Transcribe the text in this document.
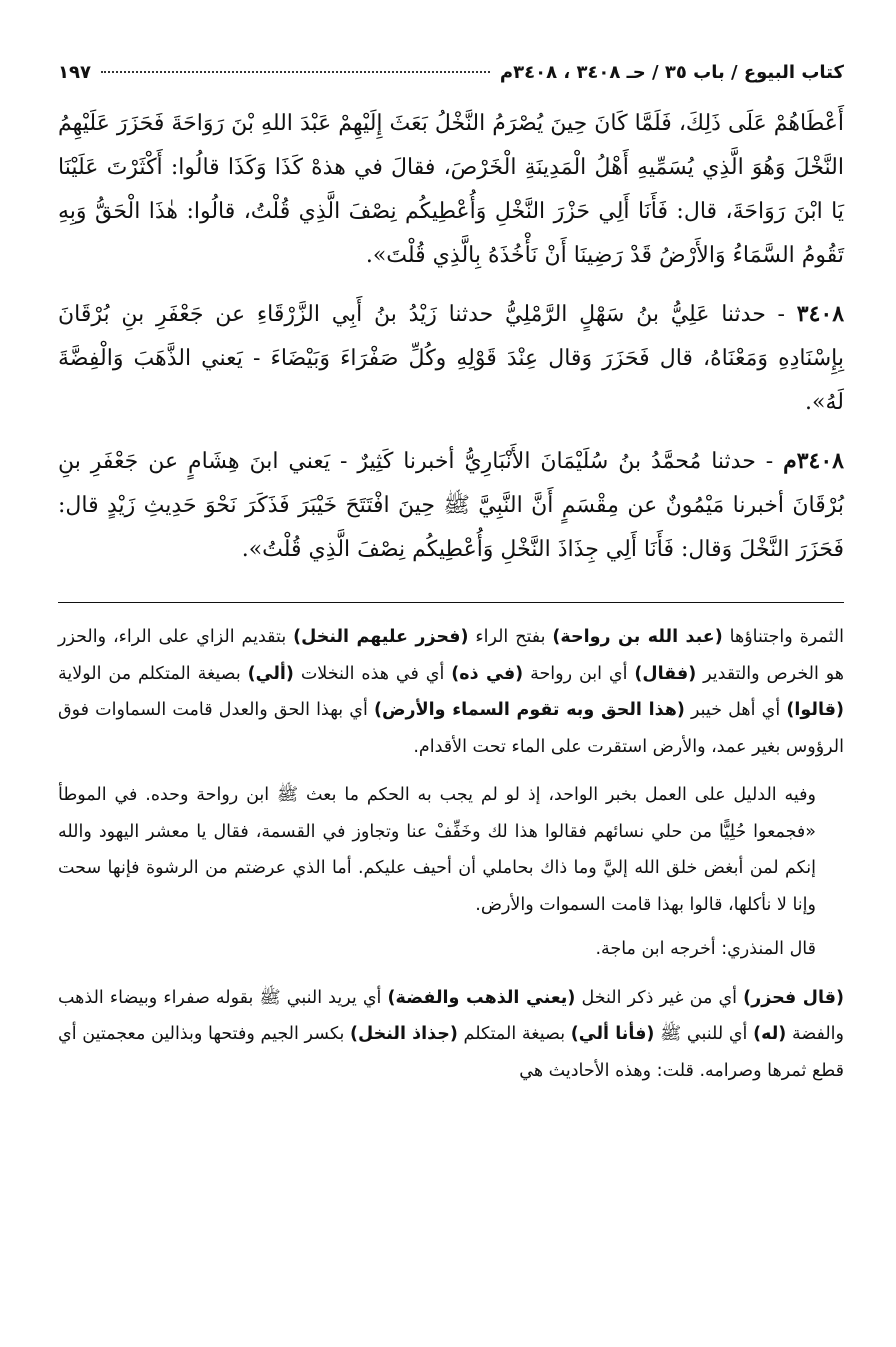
كتاب البيوع / باب ٣٥ / حـ ٣٤٠٨ ، ٣٤٠٨م
١٩٧
أَعْطَاهُمْ عَلَى ذَلِكَ، فَلَمَّا كَانَ حِينَ يُصْرَمُ النَّخْلُ بَعَثَ إِلَيْهِمْ عَبْدَ اللهِ بْنَ رَوَاحَةَ فَحَزَرَ عَلَيْهِمُ النَّخْلَ وَهُوَ الَّذِي يُسَمِّيهِ أَهْلُ الْمَدِينَةِ الْخَرْصَ، فقالَ في هذهْ كَذَا وَكَذَا قالُوا: أَكْثَرْتَ عَلَيْنَا يَا ابْنَ رَوَاحَةَ، قال: فَأَنَا أَلِي حَزْرَ النَّخْلِ وَأُعْطِيكُم نِصْفَ الَّذِي قُلْتُ، قالُوا: هٰذَا الْحَقُّ وَبِهِ تَقُومُ السَّمَاءُ وَالأَرْضُ قَدْ رَضِينَا أَنْ نَأْخُذَهُ بِالَّذِي قُلْتَ».
٣٤٠٨ - حدثنا عَلِيُّ بنُ سَهْلٍ الرَّمْلِيُّ حدثنا زَيْدُ بنُ أَبِي الزَّرْقَاءِ عن جَعْفَرِ بنِ بُرْقَانَ بِإِسْنَادِهِ وَمَعْنَاهُ، قال فَحَزَرَ وَقال عِنْدَ قَوْلِهِ وكُلِّ صَفْرَاءَ وَبَيْضَاءَ - يَعني الذَّهَبَ وَالْفِضَّةَ لَهُ».
٣٤٠٨م - حدثنا مُحمَّدُ بنُ سُلَيْمَانَ الأَنْبَارِيُّ أخبرنا كَثِيرٌ - يَعني ابنَ هِشَامٍ عن جَعْفَرِ بنِ بُرْقَانَ أخبرنا مَيْمُونٌ عن مِقْسَمٍ أَنَّ النَّبِيَّ ﷺ حِينَ افْتَتَحَ خَيْبَرَ فَذَكَرَ نَحْوَ حَدِيثِ زَيْدٍ قال: فَحَزَرَ النَّخْلَ وَقال: فَأَنَا أَلِي جِذَاذَ النَّخْلِ وَأُعْطِيكُم نِصْفَ الَّذِي قُلْتُ».

الثمرة واجتناؤها (عبد الله بن رواحة) بفتح الراء (فحزر عليهم النخل) بتقديم الزاي على الراء، والحزر هو الخرص والتقدير (فقال) أي ابن رواحة (في ذه) أي في هذه النخلات (ألي) بصيغة المتكلم من الولاية (قالوا) أي أهل خيبر (هذا الحق وبه تقوم السماء والأرض) أي بهذا الحق والعدل قامت السماوات فوق الرؤوس بغير عمد، والأرض استقرت على الماء تحت الأقدام.

وفيه الدليل على العمل بخبر الواحد، إذ لو لم يجب به الحكم ما بعث ﷺ ابن رواحة وحده. في الموطأ «فجمعوا حُلِيًّا من حلي نسائهم فقالوا هذا لك وخَفِّفْ عنا وتجاوز في القسمة، فقال يا معشر اليهود والله إنكم لمن أبغض خلق الله إليَّ وما ذاك بحاملي أن أحيف عليكم. أما الذي عرضتم من الرشوة فإنها سحت وإنا لا نأكلها، قالوا بهذا قامت السموات والأرض.

قال المنذري: أخرجه ابن ماجة.

(قال فحزر) أي من غير ذكر النخل (يعني الذهب والفضة) أي يريد النبي ﷺ بقوله صفراء وبيضاء الذهب والفضة (له) أي للنبي ﷺ (فأنا ألي) بصيغة المتكلم (جذاذ النخل) بكسر الجيم وفتحها وبذالين معجمتين أي قطع ثمرها وصرامه. قلت: وهذه الأحاديث هي
